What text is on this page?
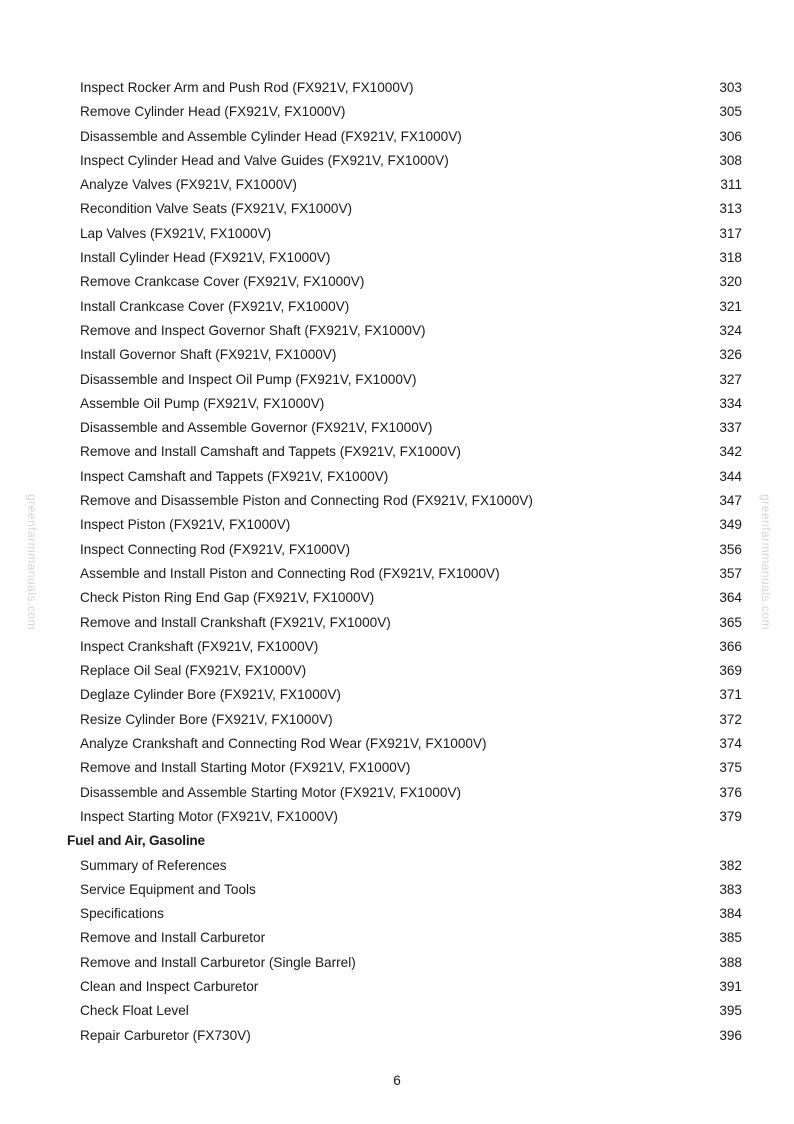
greenfarmmanuals.com	greenfarmmanuals.com
Inspect Rocker Arm and Push Rod (FX921V, FX1000V)	303
Remove Cylinder Head (FX921V, FX1000V)	305
Disassemble and Assemble Cylinder Head (FX921V, FX1000V)	306
Inspect Cylinder Head and Valve Guides (FX921V, FX1000V)	308
Analyze Valves (FX921V, FX1000V)	311
Recondition Valve Seats (FX921V, FX1000V)	313
Lap Valves (FX921V, FX1000V)	317
Install Cylinder Head (FX921V, FX1000V)	318
Remove Crankcase Cover (FX921V, FX1000V)	320
Install Crankcase Cover (FX921V, FX1000V)	321
Remove and Inspect Governor Shaft (FX921V, FX1000V)	324
Install Governor Shaft (FX921V, FX1000V)	326
Disassemble and Inspect Oil Pump (FX921V, FX1000V)	327
Assemble Oil Pump (FX921V, FX1000V)	334
Disassemble and Assemble Governor (FX921V, FX1000V)	337
Remove and Install Camshaft and Tappets (FX921V, FX1000V)	342
Inspect Camshaft and Tappets (FX921V, FX1000V)	344
Remove and Disassemble Piston and Connecting Rod (FX921V, FX1000V)	347
Inspect Piston (FX921V, FX1000V)	349
Inspect Connecting Rod (FX921V, FX1000V)	356
Assemble and Install Piston and Connecting Rod (FX921V, FX1000V)	357
Check Piston Ring End Gap (FX921V, FX1000V)	364
Remove and Install Crankshaft (FX921V, FX1000V)	365
Inspect Crankshaft (FX921V, FX1000V)	366
Replace Oil Seal (FX921V, FX1000V)	369
Deglaze Cylinder Bore (FX921V, FX1000V)	371
Resize Cylinder Bore (FX921V, FX1000V)	372
Analyze Crankshaft and Connecting Rod Wear (FX921V, FX1000V)	374
Remove and Install Starting Motor (FX921V, FX1000V)	375
Disassemble and Assemble Starting Motor (FX921V, FX1000V)	376
Inspect Starting Motor (FX921V, FX1000V)	379
Fuel and Air, Gasoline
Summary of References	382
Service Equipment and Tools	383
Specifications	384
Remove and Install Carburetor	385
Remove and Install Carburetor (Single Barrel)	388
Clean and Inspect Carburetor	391
Check Float Level	395
Repair Carburetor (FX730V)	396
6
